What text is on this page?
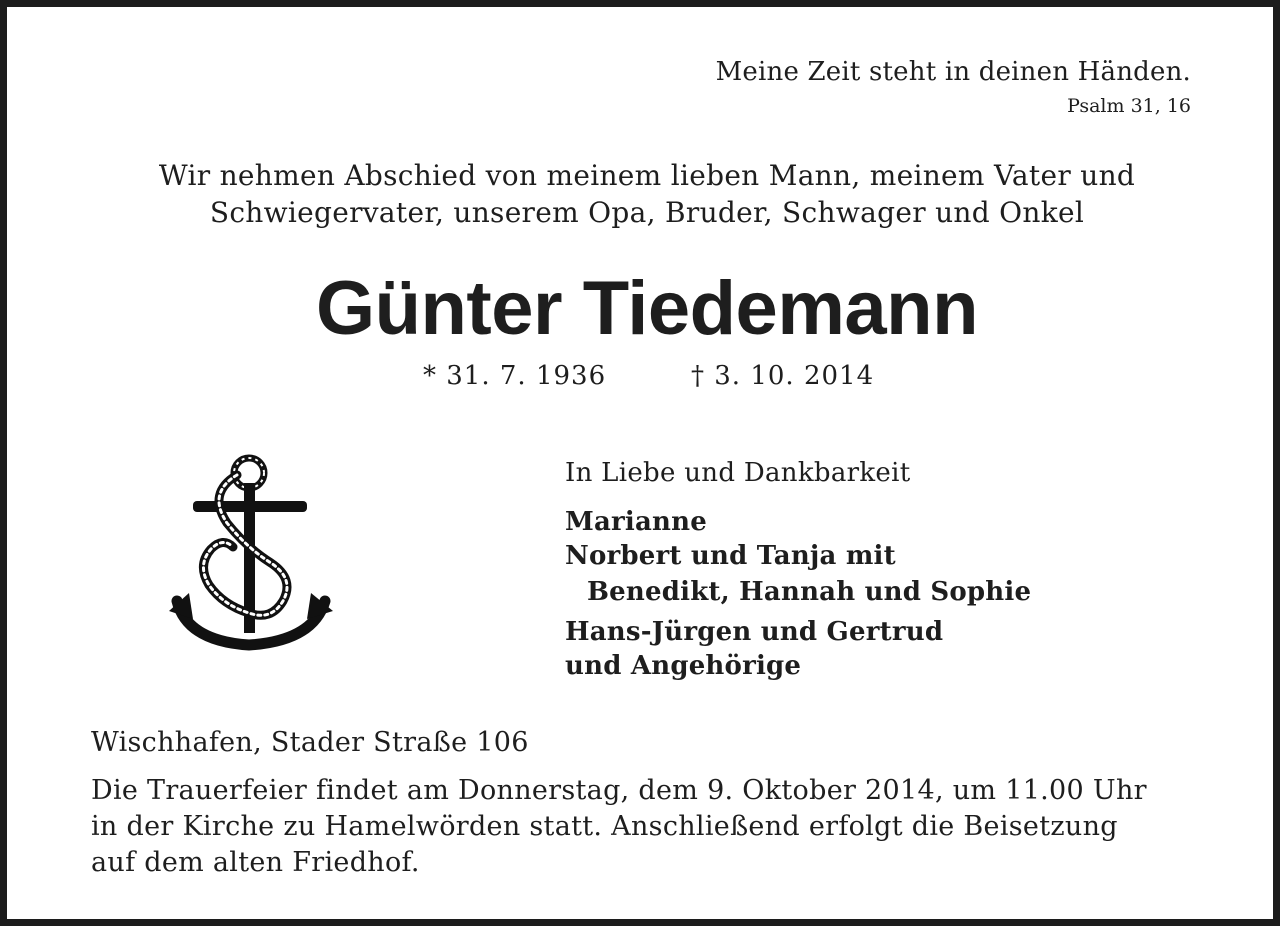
Meine Zeit steht in deinen Händen.
Psalm 31, 16
Wir nehmen Abschied von meinem lieben Mann, meinem Vater und
Schwiegervater, unserem Opa, Bruder, Schwager und Onkel
Günter Tiedemann
* 31. 7. 1936	† 3. 10. 2014
In Liebe und Dankbarkeit
Marianne
Norbert und Tanja mit
Benedikt, Hannah und Sophie
Hans-Jürgen und Gertrud
und Angehörige
Wischhafen, Stader Straße 106
Die Trauerfeier findet am Donnerstag, dem 9. Oktober 2014, um 11.00 Uhr
in der Kirche zu Hamelwörden statt. Anschließend erfolgt die Beisetzung
auf dem alten Friedhof.
